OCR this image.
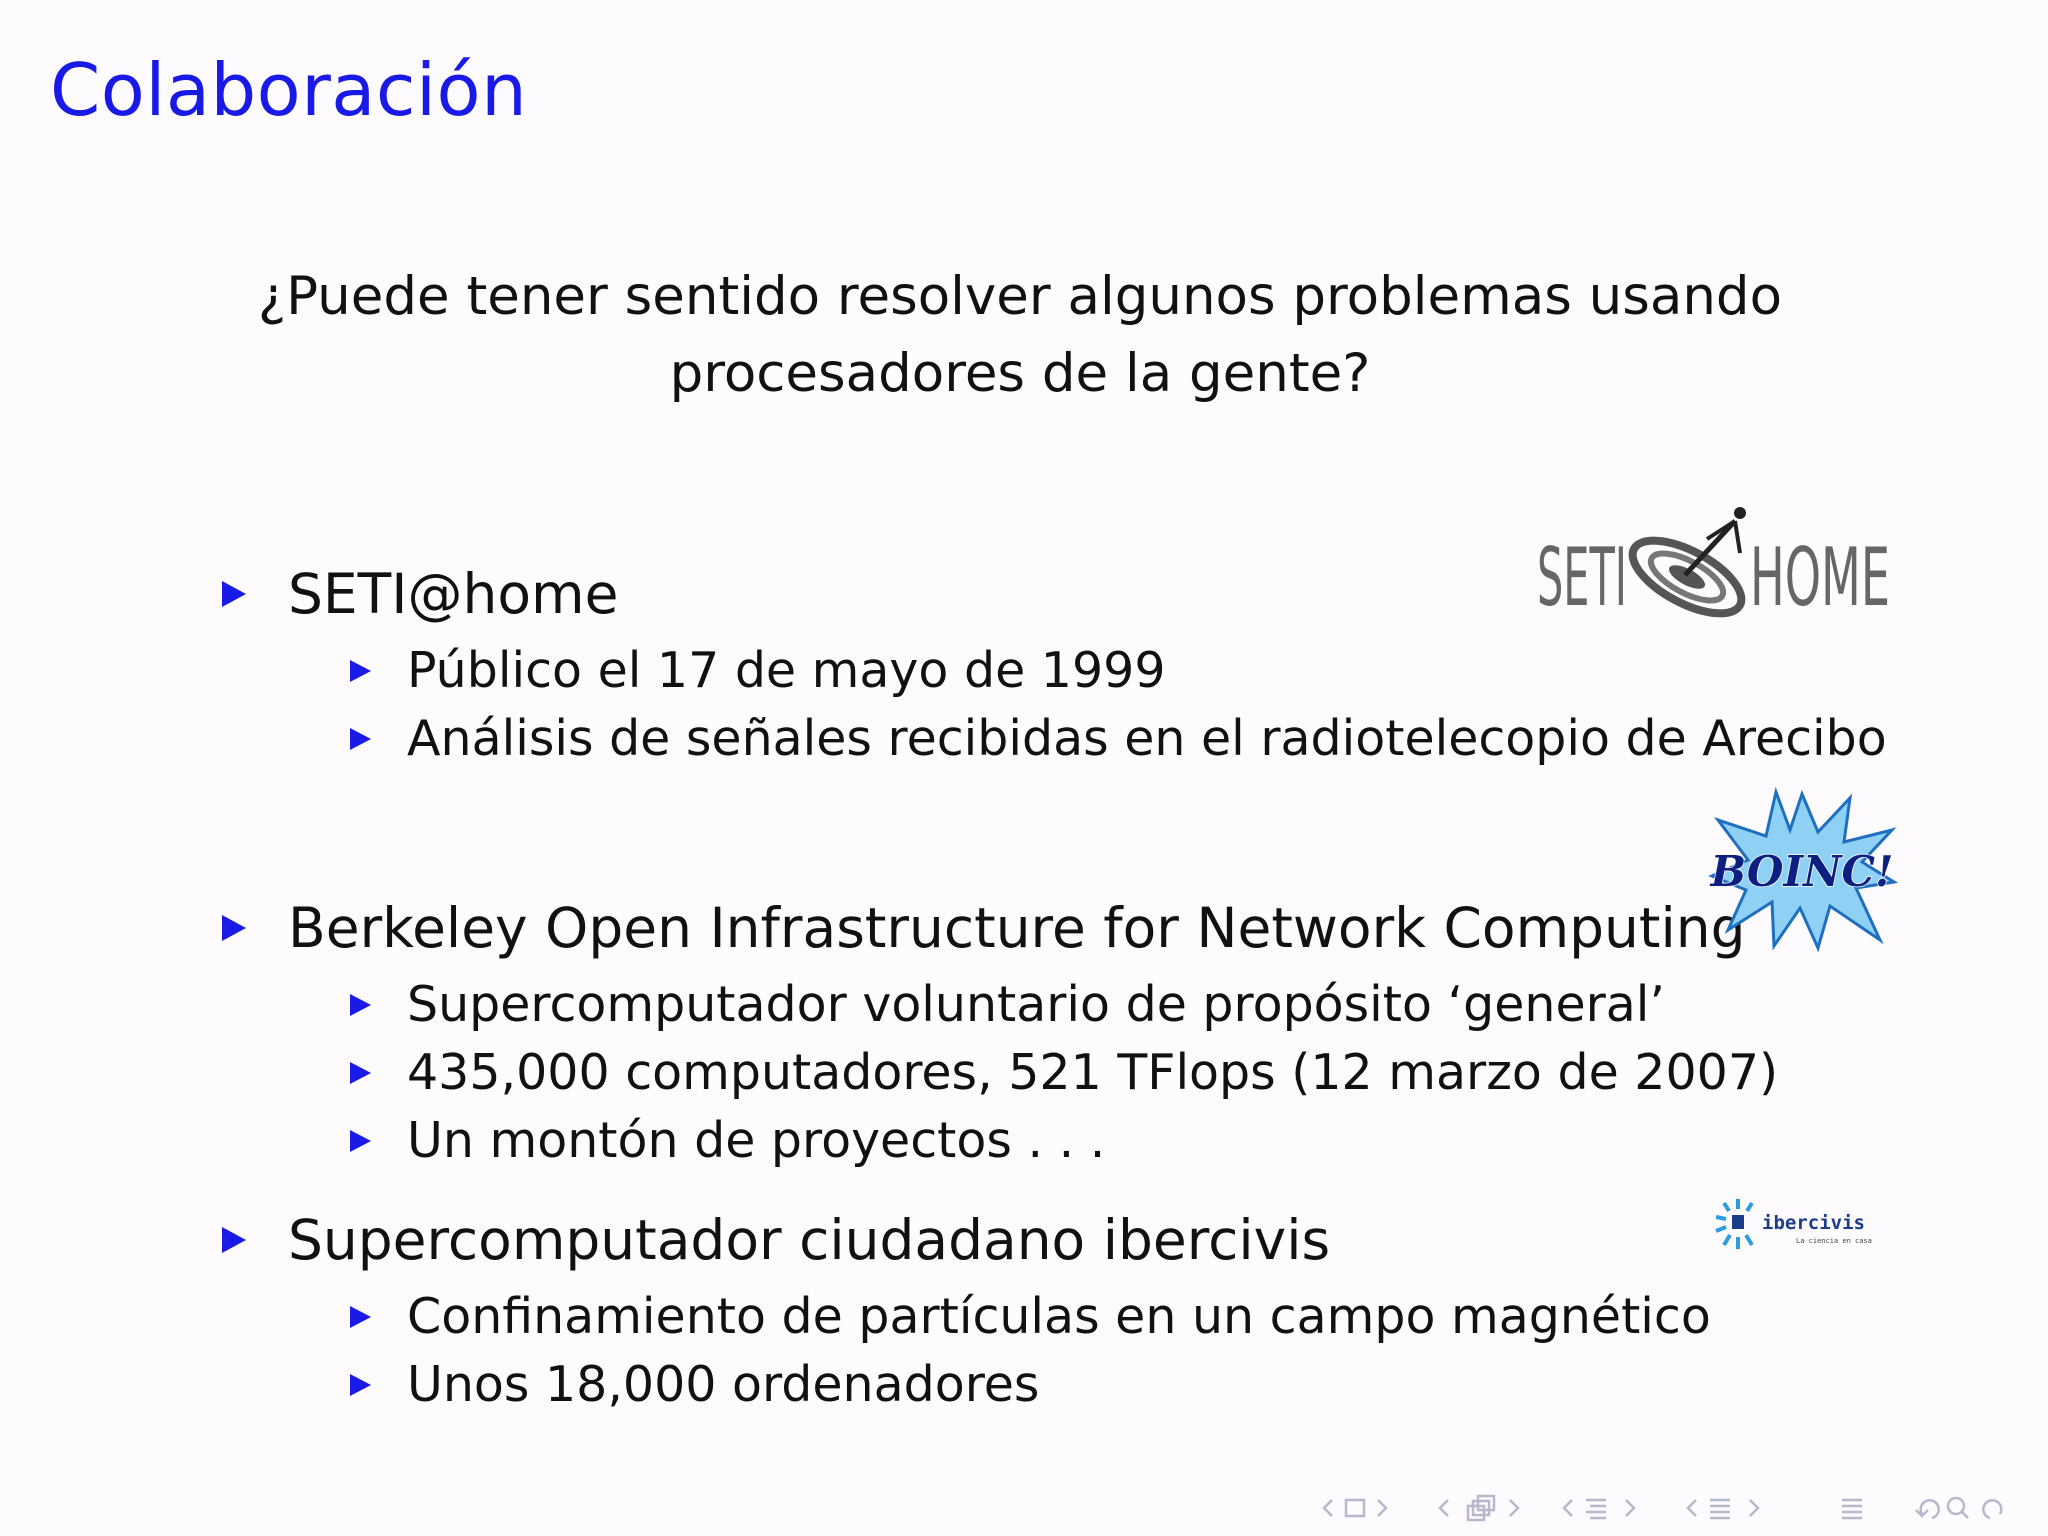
Colaboración
¿Puede tener sentido resolver algunos problemas usando
procesadores de la gente?
SETI@home
Público el 17 de mayo de 1999
Análisis de señales recibidas en el radiotelecopio de Arecibo
Berkeley Open Infrastructure for Network Computing
Supercomputador voluntario de propósito ‘general’
435,000 computadores, 521 TFlops (12 marzo de 2007)
Un montón de proyectos . . .
Supercomputador ciudadano ibercivis
Confinamiento de partículas en un campo magnético
Unos 18,000 ordenadores
SETI HOME
BOINC!
ibercivis
La ciencia en casa
